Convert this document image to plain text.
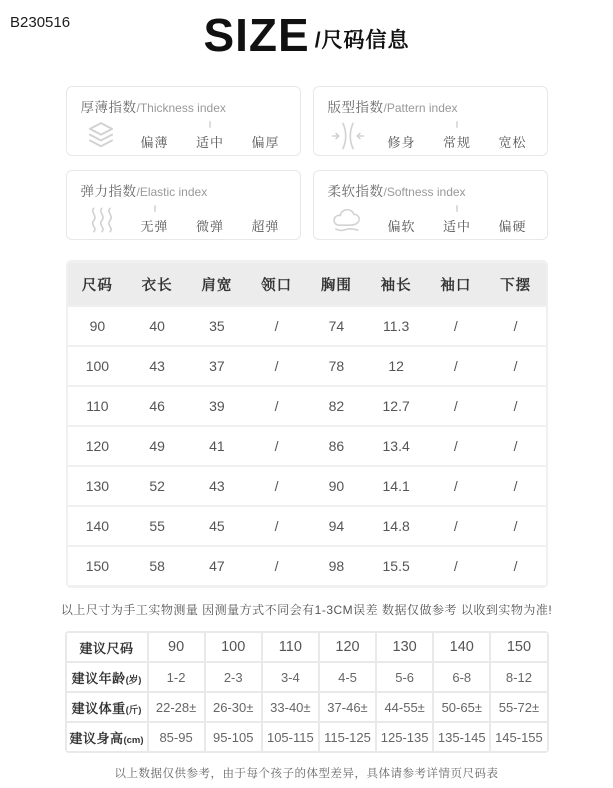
B230516	SIZE /尺码信息
厚薄指数/Thickness index
偏薄 适中 偏厚
版型指数/Pattern index
修身 常规 宽松
弹力指数/Elastic index
无弹 微弹 超弹
柔软指数/Softness index
偏软 适中 偏硬
尺码	衣长	肩宽	领口	胸围	袖长	袖口	下摆
90	40	35	/	74	11.3	/	/
100	43	37	/	78	12	/	/
110	46	39	/	82	12.7	/	/
120	49	41	/	86	13.4	/	/
130	52	43	/	90	14.1	/	/
140	55	45	/	94	14.8	/	/
150	58	47	/	98	15.5	/	/
以上尺寸为手工实物测量 因测量方式不同会有1-3CM误差 数据仅做参考 以收到实物为准!
建议尺码	90	100	110	120	130	140	150
建议年龄(岁)	1-2	2-3	3-4	4-5	5-6	6-8	8-12
建议体重(斤)	22-28±	26-30±	33-40±	37-46±	44-55±	50-65±	55-72±
建议身高(cm)	85-95	95-105	105-115	115-125	125-135	135-145	145-155
以上数据仅供参考，由于每个孩子的体型差异，具体请参考详情页尺码表
